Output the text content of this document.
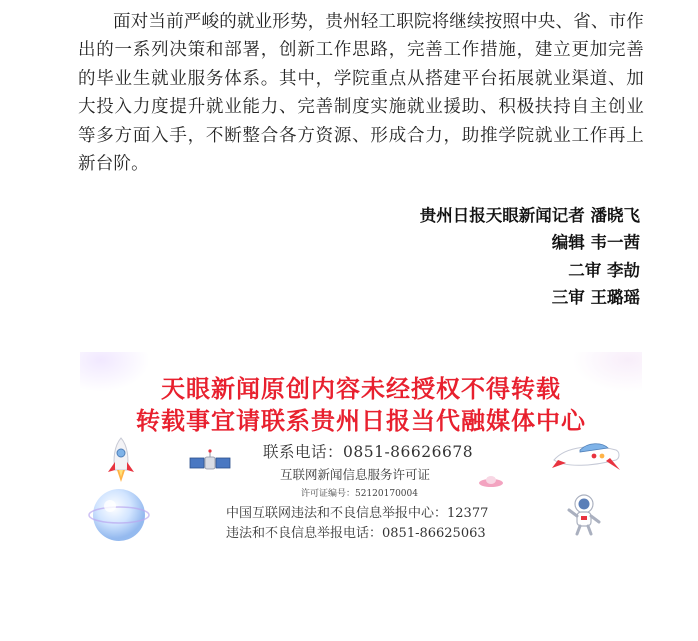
面对当前严峻的就业形势，贵州轻工职院将继续按照中央、省、市作出的一系列决策和部署，创新工作思路，完善工作措施，建立更加完善的毕业生就业服务体系。其中，学院重点从搭建平台拓展就业渠道、加大投入力度提升就业能力、完善制度实施就业援助、积极扶持自主创业等多方面入手，不断整合各方资源、形成合力，助推学院就业工作再上新台阶。

贵州日报天眼新闻记者 潘晓飞
编辑 韦一茜
二审 李劼
三审 王璐瑶
天眼新闻原创内容未经授权不得转载
转载事宜请联系贵州日报当代融媒体中心
联系电话：0851-86626678
互联网新闻信息服务许可证
许可证编号：52120170004
中国互联网违法和不良信息举报中心：12377
违法和不良信息举报电话：0851-86625063
